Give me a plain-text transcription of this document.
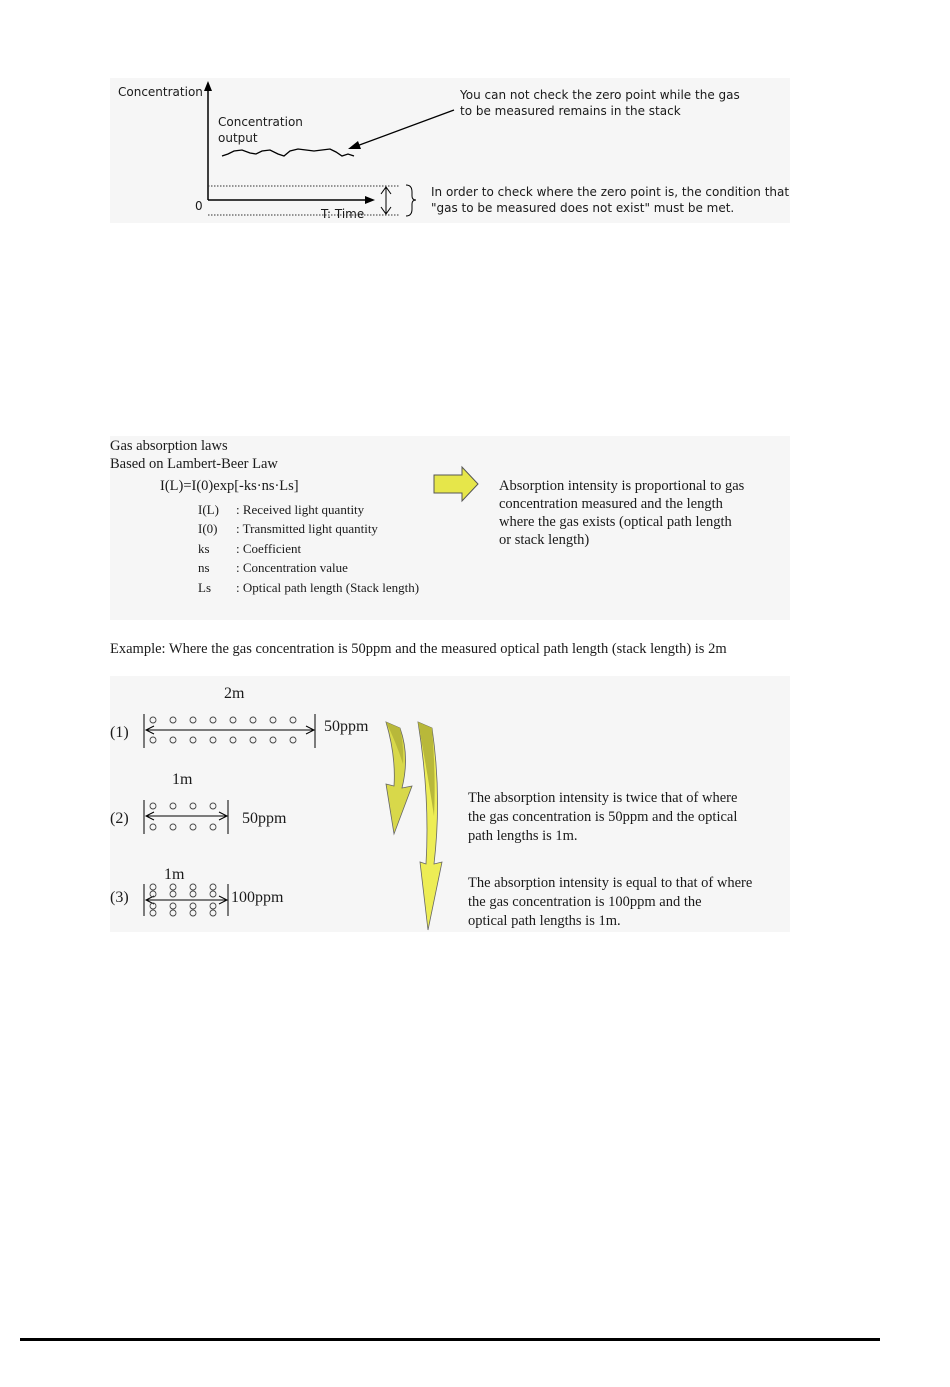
Concentration
0
T: Time
Concentration
output
You can not check the zero point while the gas
to be measured remains in the stack
In order to check where the zero point is, the condition that
"gas to be measured does not exist" must be met.
Gas absorption laws
Based on Lambert-Beer Law
I(L)=I(0)exp[-ks·ns·Ls]
I(L) : Received light quantity
I(0) : Transmitted light quantity
ks : Coefficient
ns : Concentration value
Ls : Optical path length (Stack length)
Absorption intensity is proportional to gas
concentration measured and the length
where the gas exists (optical path length
or stack length)
Example: Where the gas concentration is 50ppm and the measured optical path length (stack length) is 2m
(1)
2m
50ppm
(2)
1m
50ppm
(3)
1m
100ppm
The absorption intensity is twice that of where
the gas concentration is 50ppm and the optical
path lengths is 1m.
The absorption intensity is equal to that of where
the gas concentration is 100ppm and the
optical path lengths is 1m.
